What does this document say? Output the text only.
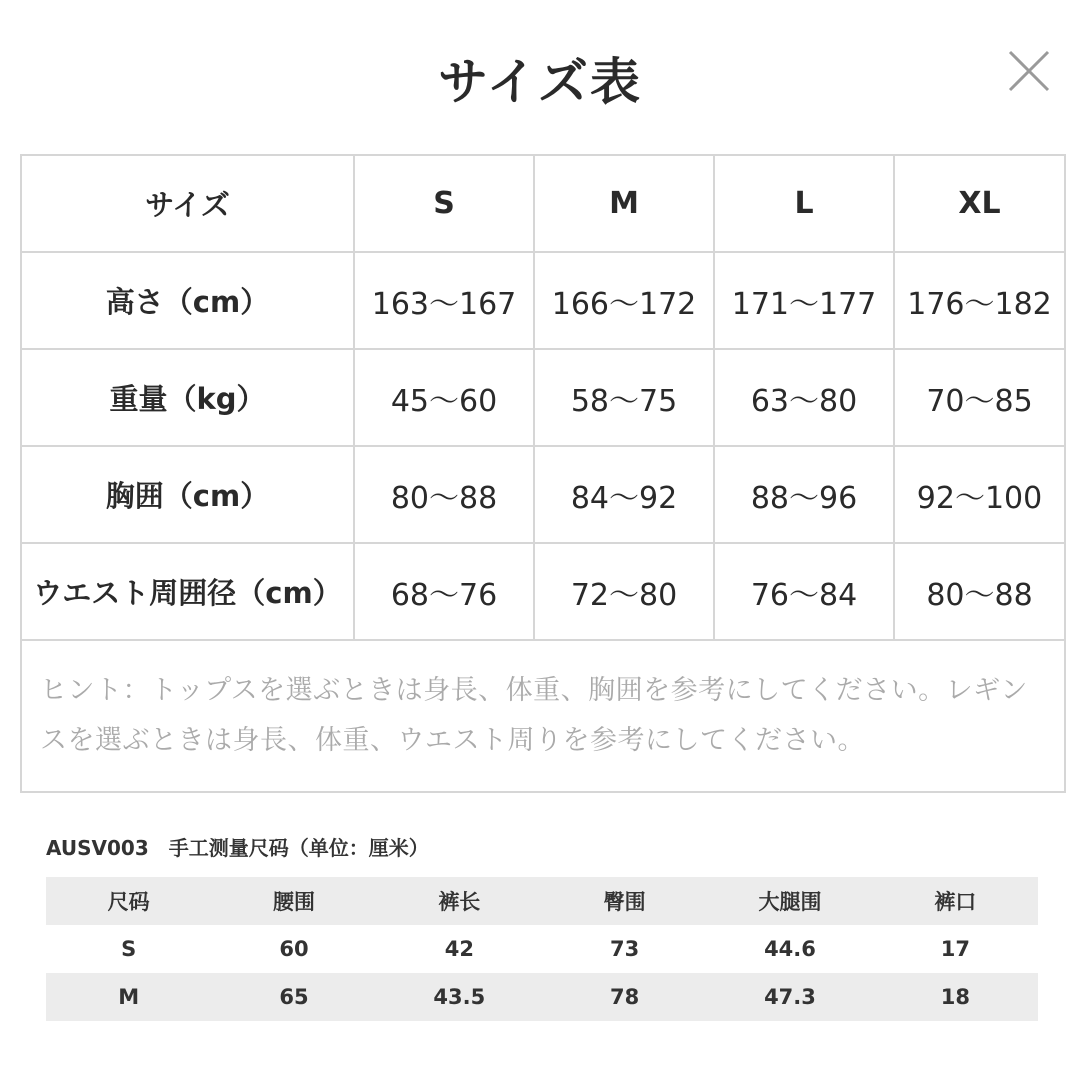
サイズ表
サイズ	S	M	L	XL
高さ（cm）	163〜167	166〜172	171〜177	176〜182
重量（kg）	45〜60	58〜75	63〜80	70〜85
胸囲（cm）	80〜88	84〜92	88〜96	92〜100
ウエスト周囲径（cm）	68〜76	72〜80	76〜84	80〜88
ヒント：トップスを選ぶときは身長、体重、胸囲を参考にしてください。レギンスを選ぶときは身長、体重、ウエスト周りを参考にしてください。				
AUSV003　手工测量尺码（单位：厘米）
尺码	腰围	裤长	臀围	大腿围	裤口
S	60	42	73	44.6	17
M	65	43.5	78	47.3	18
